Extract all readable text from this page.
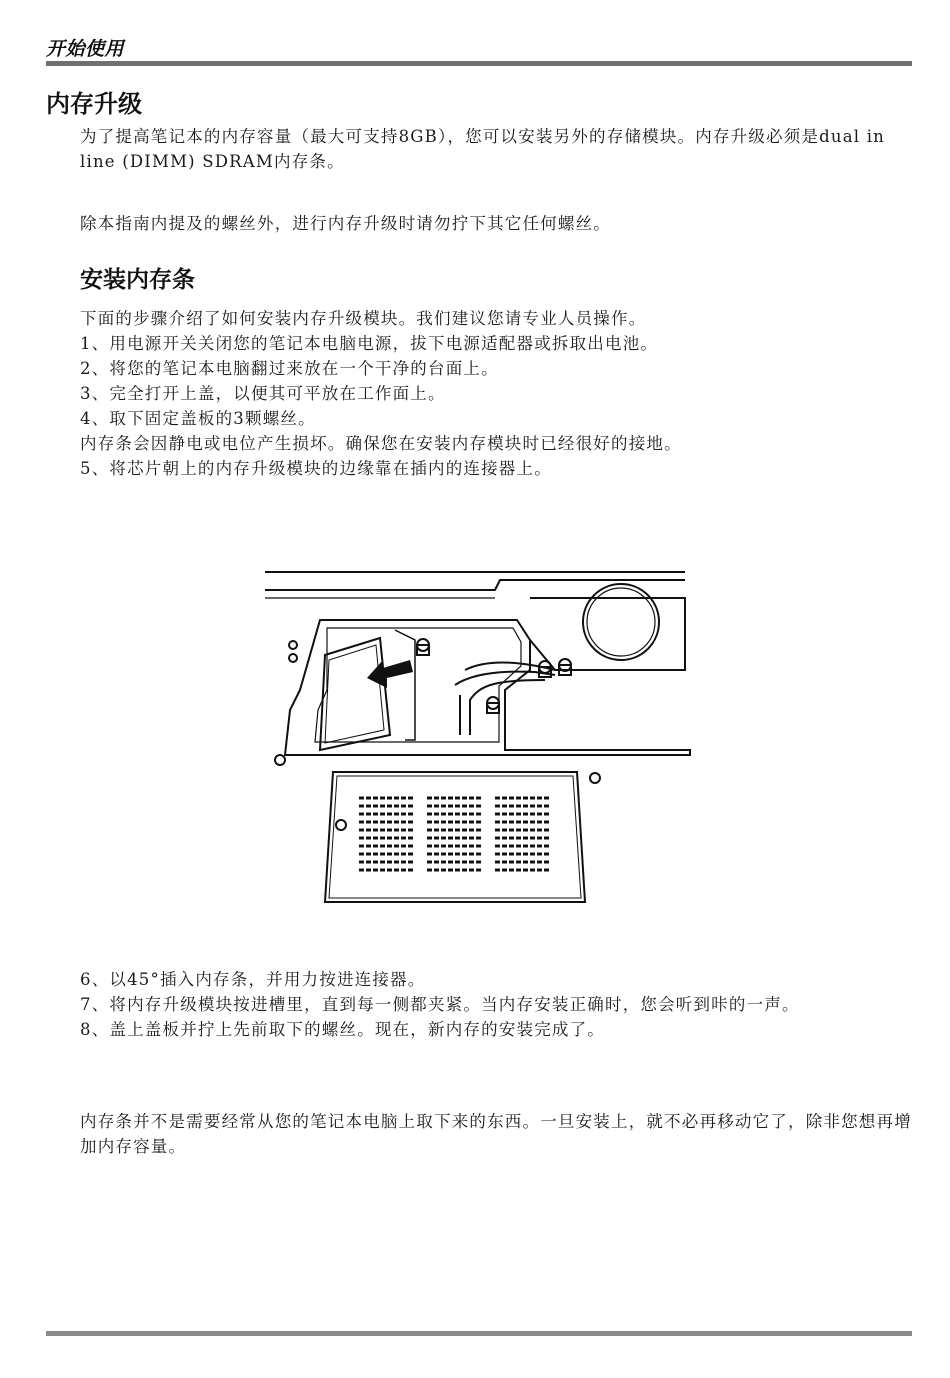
开始使用
内存升级
为了提高笔记本的内存容量（最大可支持8GB），您可以安装另外的存储模块。内存升级必须是dual in line (DIMM) SDRAM内存条。
除本指南内提及的螺丝外，进行内存升级时请勿拧下其它任何螺丝。
安装内存条
下面的步骤介绍了如何安装内存升级模块。我们建议您请专业人员操作。
1、用电源开关关闭您的笔记本电脑电源，拔下电源适配器或拆取出电池。
2、将您的笔记本电脑翻过来放在一个干净的台面上。
3、完全打开上盖，以便其可平放在工作面上。
4、取下固定盖板的3颗螺丝。
内存条会因静电或电位产生损坏。确保您在安装内存模块时已经很好的接地。
5、将芯片朝上的内存升级模块的边缘靠在插内的连接器上。
6、以45°插入内存条，并用力按进连接器。
7、将内存升级模块按进槽里，直到每一侧都夹紧。当内存安装正确时，您会听到咔的一声。
8、盖上盖板并拧上先前取下的螺丝。现在，新内存的安装完成了。
内存条并不是需要经常从您的笔记本电脑上取下来的东西。一旦安装上，就不必再移动它了，除非您想再增加内存容量。
